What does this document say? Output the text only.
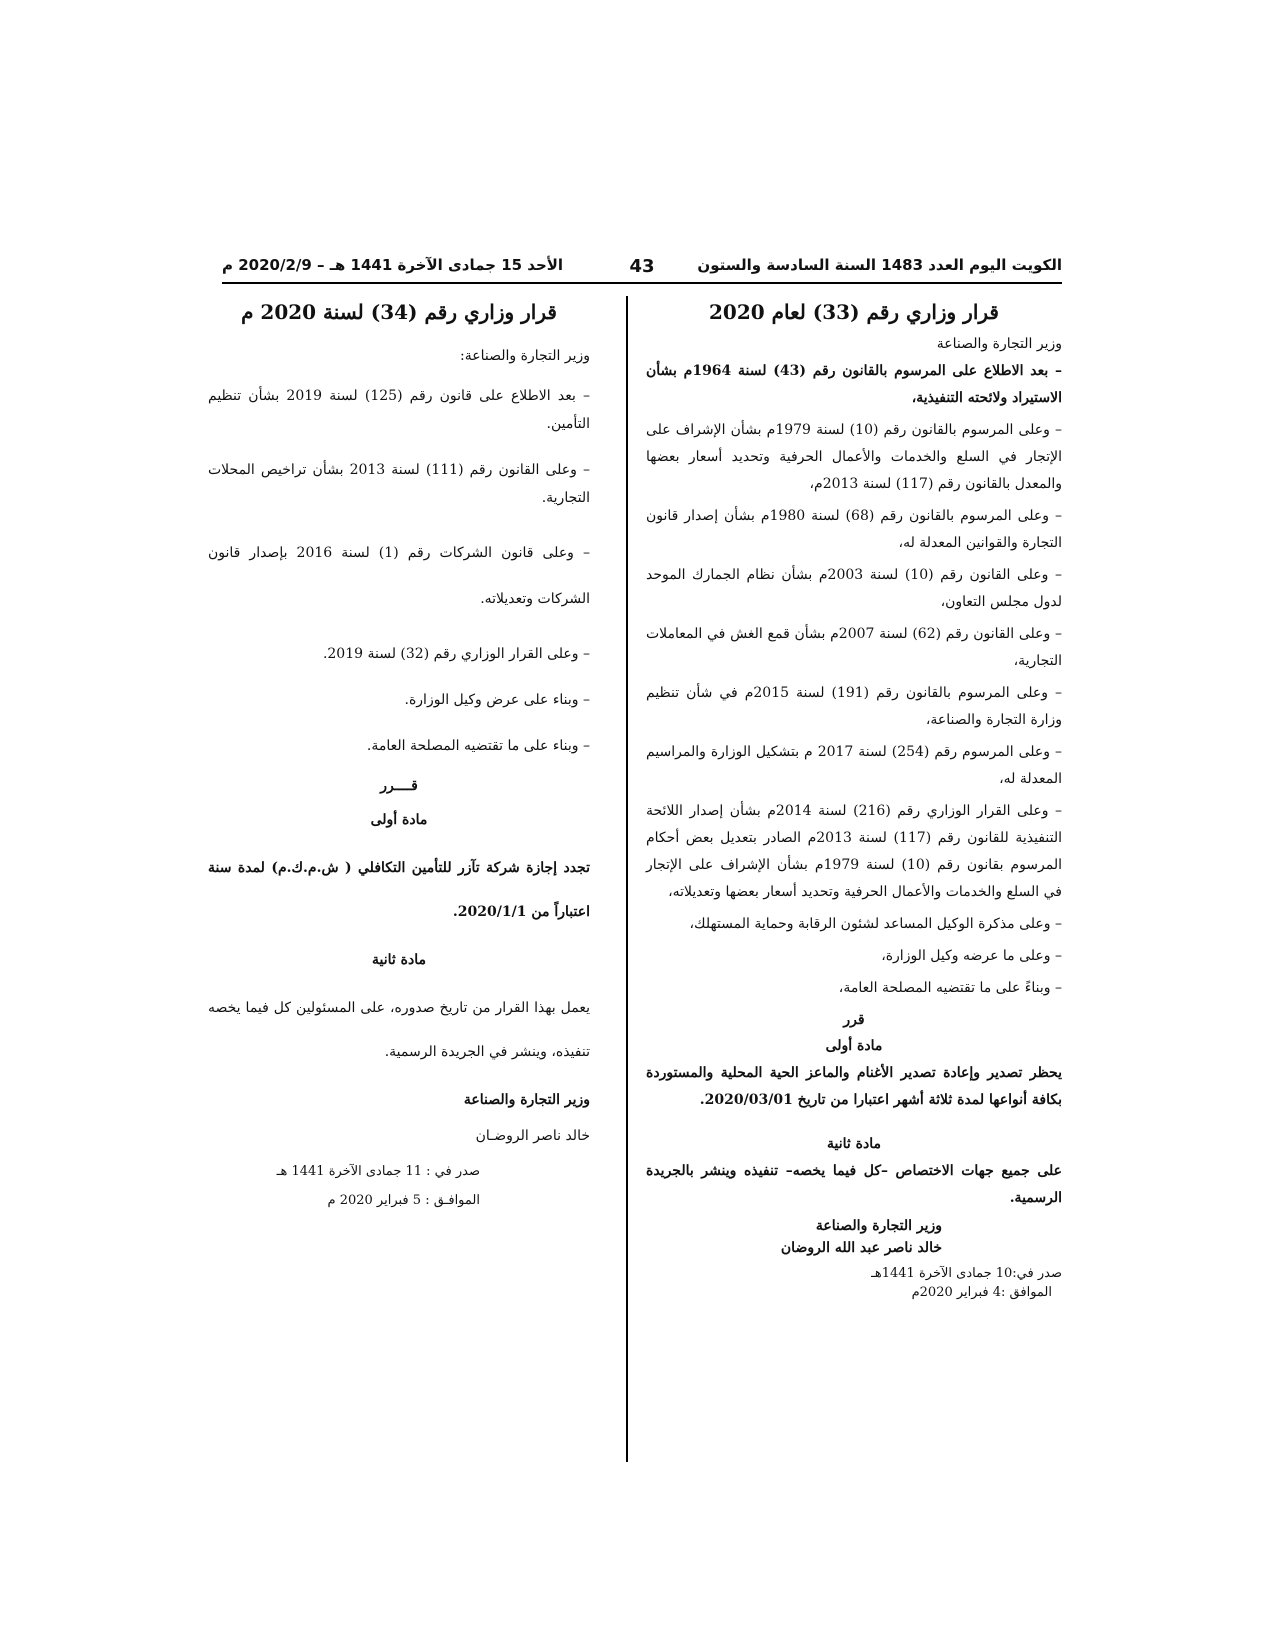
الكويت اليوم العدد 1483 السنة السادسة والستون
43
الأحد 15 جمادى الآخرة 1441 هـ – 2020/2/9 م
قرار وزاري رقم (33) لعام 2020
وزير التجارة والصناعة
– بعد الاطلاع على المرسوم بالقانون رقم (43) لسنة 1964م بشأن الاستيراد ولائحته التنفيذية،
– وعلى المرسوم بالقانون رقم (10) لسنة 1979م بشأن الإشراف على الإتجار في السلع والخدمات والأعمال الحرفية وتحديد أسعار بعضها والمعدل بالقانون رقم (117) لسنة 2013م،
– وعلى المرسوم بالقانون رقم (68) لسنة 1980م بشأن إصدار قانون التجارة والقوانين المعدلة له،
– وعلى القانون رقم (10) لسنة 2003م بشأن نظام الجمارك الموحد لدول مجلس التعاون،
– وعلى القانون رقم (62) لسنة 2007م بشأن قمع الغش في المعاملات التجارية،
– وعلى المرسوم بالقانون رقم (191) لسنة 2015م في شأن تنظيم وزارة التجارة والصناعة،
– وعلى المرسوم رقم (254) لسنة 2017 م بتشكيل الوزارة والمراسيم المعدلة له،
– وعلى القرار الوزاري رقم (216) لسنة 2014م بشأن إصدار اللائحة التنفيذية للقانون رقم (117) لسنة 2013م الصادر بتعديل بعض أحكام المرسوم بقانون رقم (10) لسنة 1979م بشأن الإشراف على الإتجار في السلع والخدمات والأعمال الحرفية وتحديد أسعار بعضها وتعديلاته،
– وعلى مذكرة الوكيل المساعد لشئون الرقابة وحماية المستهلك،
– وعلى ما عرضه وكيل الوزارة،
– وبناءً على ما تقتضيه المصلحة العامة،
قرر
مادة أولى
يحظر تصدير وإعادة تصدير الأغنام والماعز الحية المحلية والمستوردة بكافة أنواعها لمدة ثلاثة أشهر اعتبارا من تاريخ 2020/03/01.
مادة ثانية
على جميع جهات الاختصاص –كل فيما يخصه– تنفيذه وينشر بالجريدة الرسمية.
وزير التجارة والصناعة
خالد ناصر عبد الله الروضان
صدر في:10 جمادى الآخرة 1441هـ
الموافق :4 فبراير 2020م
قرار وزاري رقم (34) لسنة 2020 م
وزير التجارة والصناعة:
– بعد الاطلاع على قانون رقم (125) لسنة 2019 بشأن تنظيم التأمين.
– وعلى القانون رقم (111) لسنة 2013 بشأن تراخيص المحلات التجارية.
– وعلى قانون الشركات رقم (1) لسنة 2016 بإصدار قانون الشركات وتعديلاته.
– وعلى القرار الوزاري رقم (32) لسنة 2019.
– وبناء على عرض وكيل الوزارة.
– وبناء على ما تقتضيه المصلحة العامة.
قــــرر
مادة أولى
تجدد إجازة شركة تآزر للتأمين التكافلي ( ش.م.ك.م) لمدة سنة اعتباراً من 2020/1/1.
مادة ثانية
يعمل بهذا القرار من تاريخ صدوره، على المسئولين كل فيما يخصه تنفيذه، وينشر في الجريدة الرسمية.
وزير التجارة والصناعة
خالد ناصر الروضـان
صدر في : 11 جمادى الآخرة 1441 هـ
الموافـق : 5 فبراير 2020 م
